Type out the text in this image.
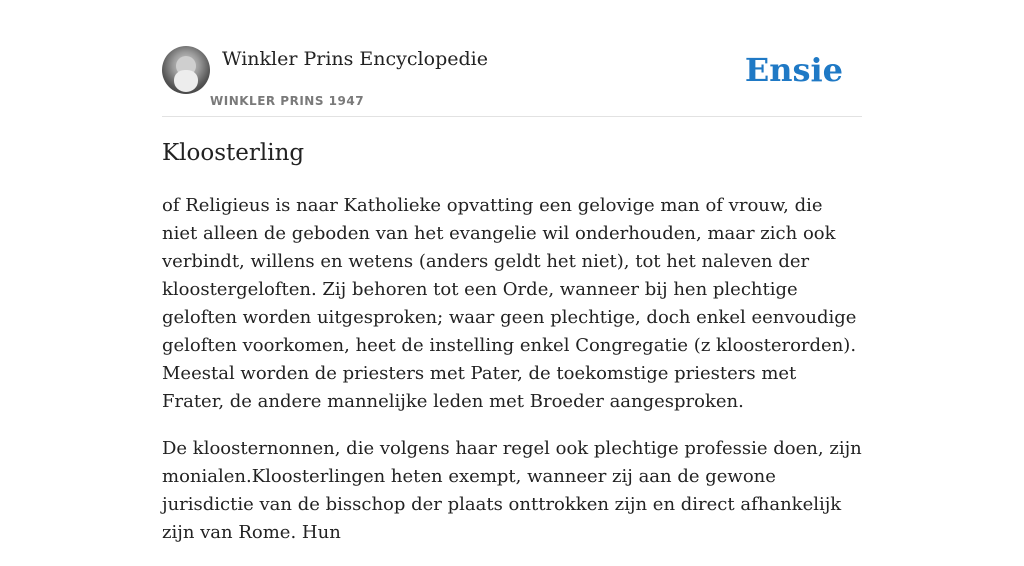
Winkler Prins Encyclopedie
WINKLER PRINS 1947
Ensie
Kloosterling

of Religieus is naar Katholieke opvatting een gelovige man of vrouw, die niet alleen de geboden van het evangelie wil onderhouden, maar zich ook verbindt, willens en wetens (anders geldt het niet), tot het naleven der kloostergeloften. Zij behoren tot een Orde, wanneer bij hen plechtige geloften worden uitgesproken; waar geen plechtige, doch enkel eenvoudige geloften voorkomen, heet de instelling enkel Congregatie (z kloosterorden). Meestal worden de priesters met Pater, de toekomstige priesters met Frater, de andere mannelijke leden met Broeder aangesproken.

De kloosternonnen, die volgens haar regel ook plechtige professie doen, zijn monialen.Kloosterlingen heten exempt, wanneer zij aan de gewone jurisdictie van de bisschop der plaats onttrokken zijn en direct afhankelijk zijn van Rome. Hun
